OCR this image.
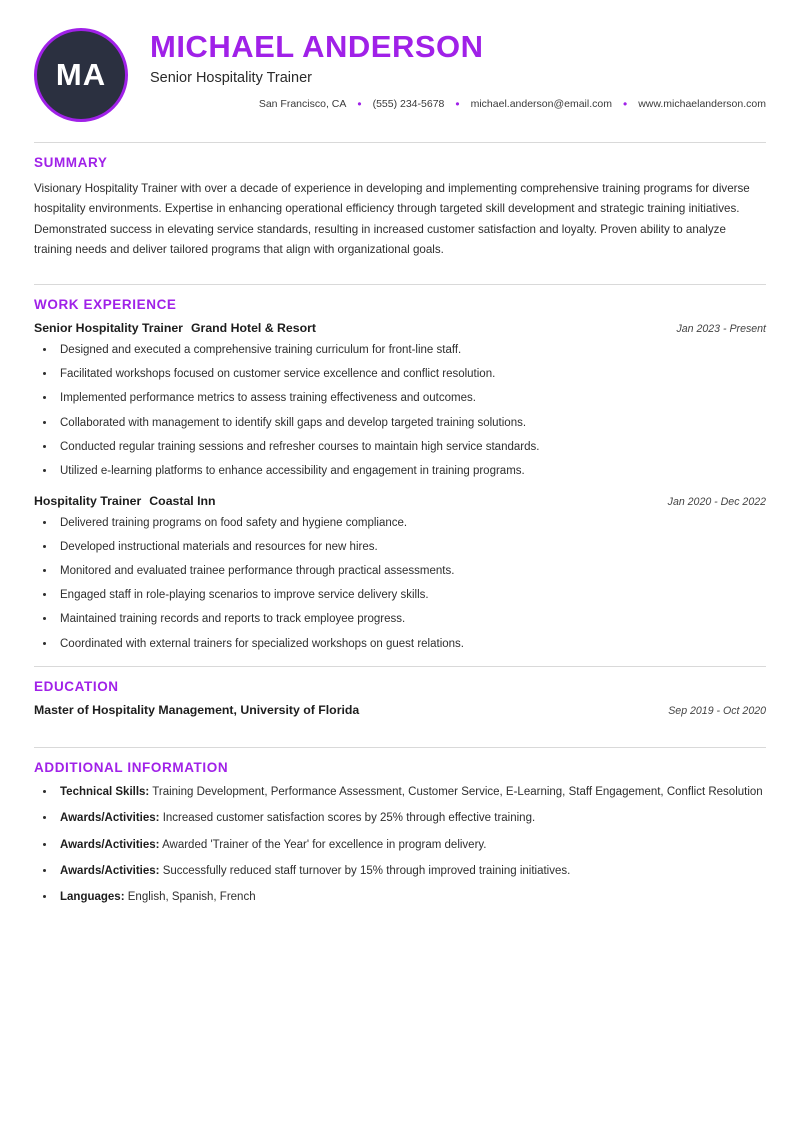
MA
MICHAEL ANDERSON
Senior Hospitality Trainer
San Francisco, CA •	(555) 234-5678 •	michael.anderson@email.com •	www.michaelanderson.com
SUMMARY

Visionary Hospitality Trainer with over a decade of experience in developing and implementing comprehensive training programs for diverse hospitality environments. Expertise in enhancing operational efficiency through targeted skill development and strategic training initiatives. Demonstrated success in elevating service standards, resulting in increased customer satisfaction and loyalty. Proven ability to analyze training needs and deliver tailored programs that align with organizational goals.

WORK EXPERIENCE
Senior Hospitality Trainer Grand Hotel & Resort	Jan 2023 - Present
• Designed and executed a comprehensive training curriculum for front-line staff.
• Facilitated workshops focused on customer service excellence and conflict resolution.
• Implemented performance metrics to assess training effectiveness and outcomes.
• Collaborated with management to identify skill gaps and develop targeted training solutions.
• Conducted regular training sessions and refresher courses to maintain high service standards.
• Utilized e-learning platforms to enhance accessibility and engagement in training programs.
Hospitality Trainer Coastal Inn	Jan 2020 - Dec 2022
• Delivered training programs on food safety and hygiene compliance.
• Developed instructional materials and resources for new hires.
• Monitored and evaluated trainee performance through practical assessments.
• Engaged staff in role-playing scenarios to improve service delivery skills.
• Maintained training records and reports to track employee progress.
• Coordinated with external trainers for specialized workshops on guest relations.
EDUCATION
Master of Hospitality Management, University of Florida	Sep 2019 - Oct 2020
ADDITIONAL INFORMATION
• Technical Skills: Training Development, Performance Assessment, Customer Service, E-Learning, Staff Engagement, Conflict Resolution
• Awards/Activities: Increased customer satisfaction scores by 25% through effective training.
• Awards/Activities: Awarded 'Trainer of the Year' for excellence in program delivery.
• Awards/Activities: Successfully reduced staff turnover by 15% through improved training initiatives.
• Languages: English, Spanish, French
